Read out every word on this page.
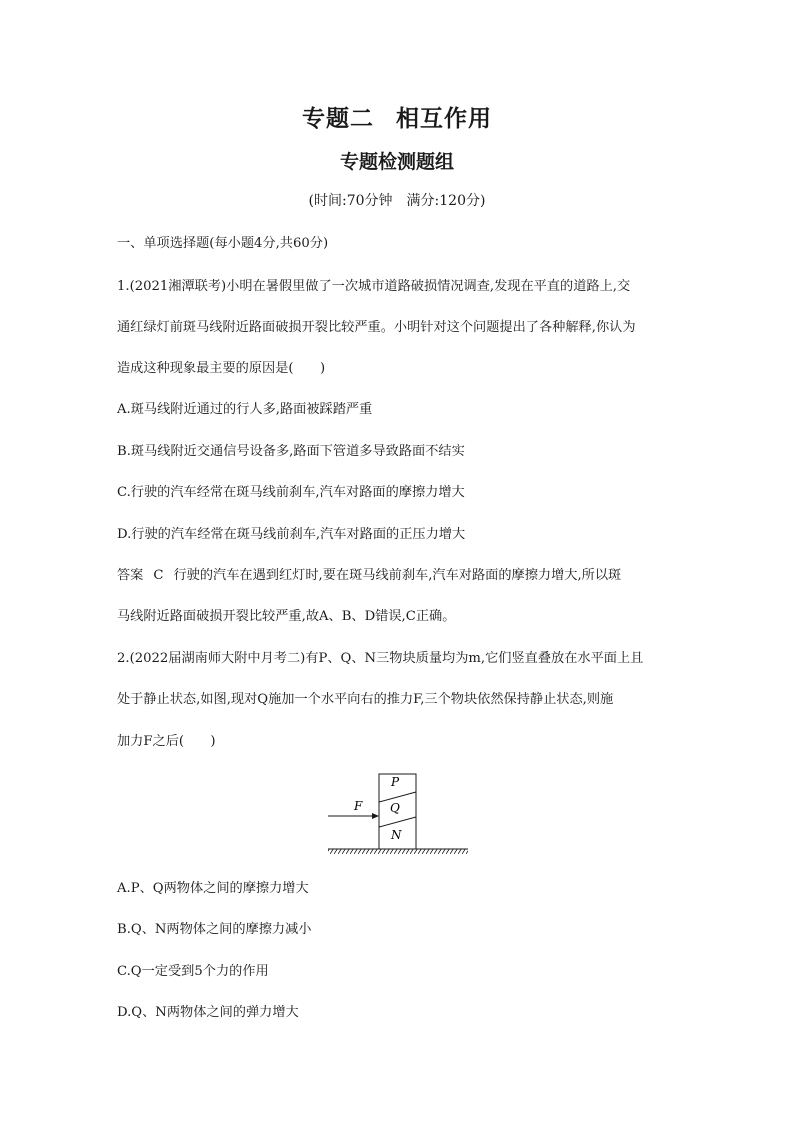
专题二 相互作用
专题检测题组
(时间:70分钟　满分:120分)
一、单项选择题(每小题4分,共60分)
1.(2021湘潭联考)小明在暑假里做了一次城市道路破损情况调查,发现在平直的道路上,交
通红绿灯前斑马线附近路面破损开裂比较严重。小明针对这个问题提出了各种解释,你认为
造成这种现象最主要的原因是(　　)
A.斑马线附近通过的行人多,路面被踩踏严重
B.斑马线附近交通信号设备多,路面下管道多导致路面不结实
C.行驶的汽车经常在斑马线前刹车,汽车对路面的摩擦力增大
D.行驶的汽车经常在斑马线前刹车,汽车对路面的正压力增大
答案 C 行驶的汽车在遇到红灯时,要在斑马线前刹车,汽车对路面的摩擦力增大,所以斑
马线附近路面破损开裂比较严重,故A、B、D错误,C正确。
2.(2022届湖南师大附中月考二)有P、Q、N三物块质量均为m,它们竖直叠放在水平面上且
处于静止状态,如图,现对Q施加一个水平向右的推力F,三个物块依然保持静止状态,则施
加力F之后(　　)
F
P
Q
N
A.P、Q两物体之间的摩擦力增大
B.Q、N两物体之间的摩擦力减小
C.Q一定受到5个力的作用
D.Q、N两物体之间的弹力增大
